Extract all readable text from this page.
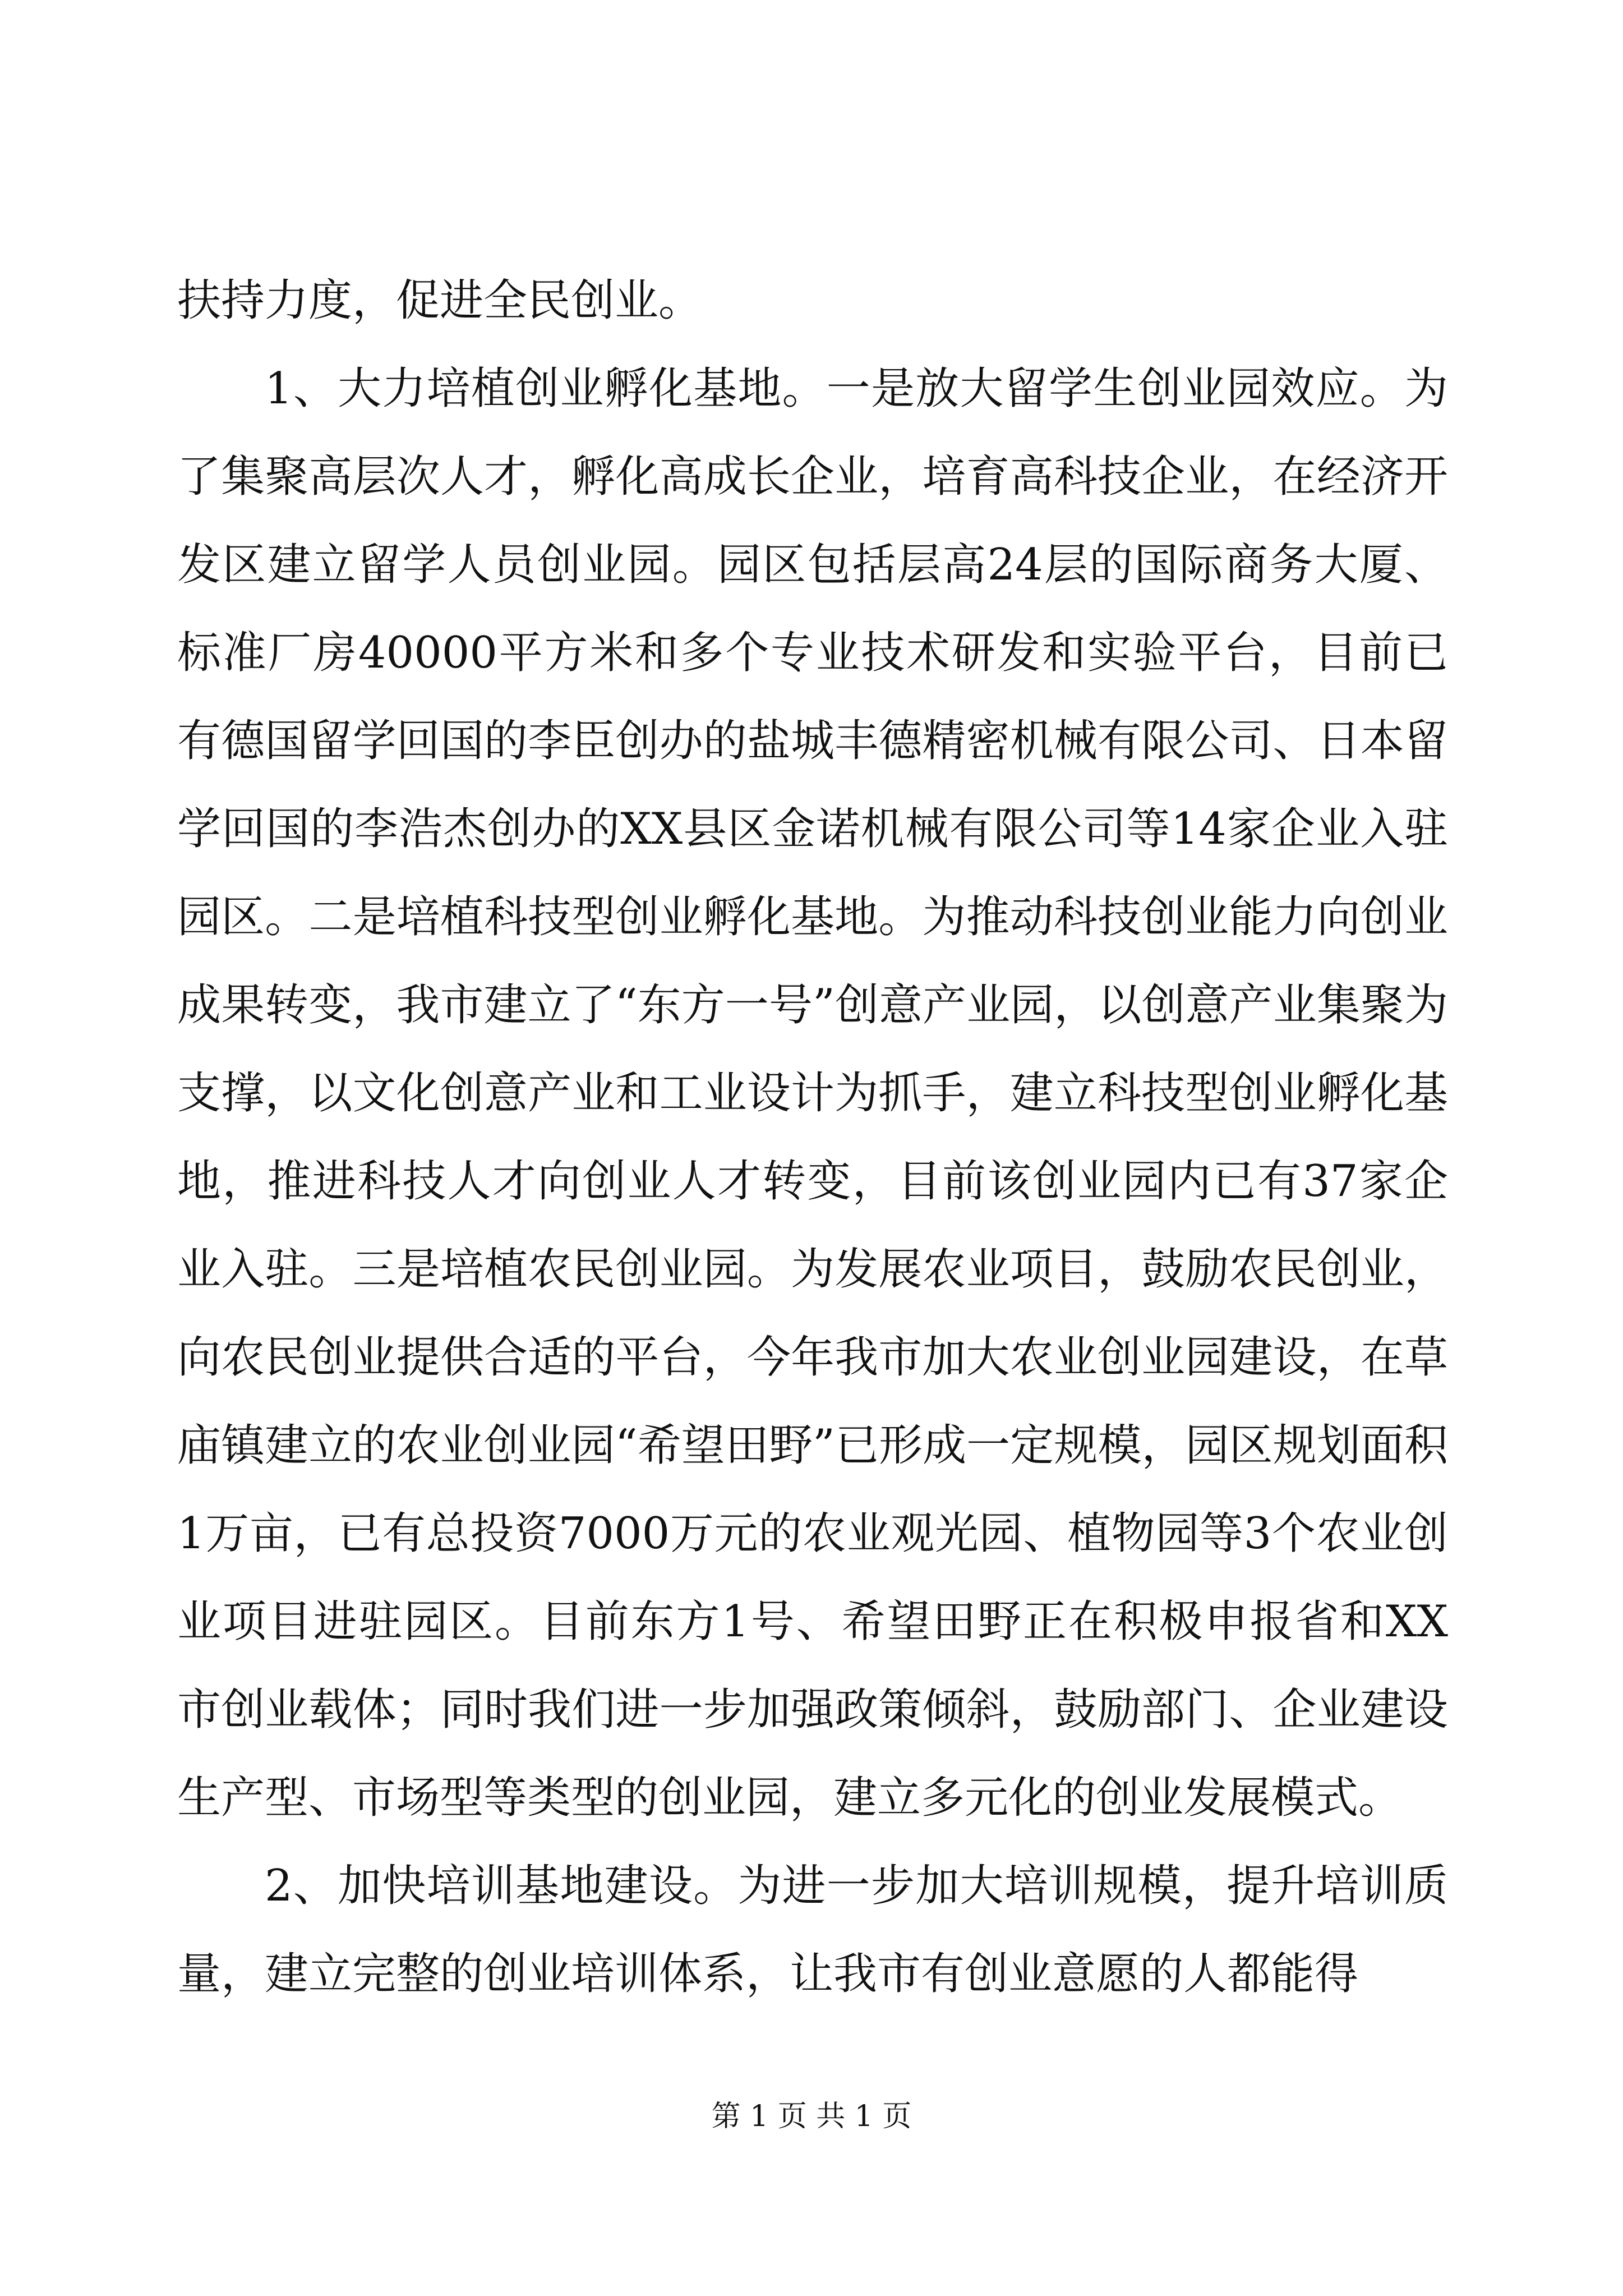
扶持力度，促进全民创业。

1、大力培植创业孵化基地。一是放大留学生创业园效应。为了集聚高层次人才，孵化高成长企业，培育高科技企业，在经济开发区建立留学人员创业园。园区包括层高24层的国际商务大厦、标准厂房40000平方米和多个专业技术研发和实验平台，目前已有德国留学回国的李臣创办的盐城丰德精密机械有限公司、日本留学回国的李浩杰创办的XX县区金诺机械有限公司等14家企业入驻园区。二是培植科技型创业孵化基地。为推动科技创业能力向创业成果转变，我市建立了“东方一号”创意产业园，以创意产业集聚为支撑，以文化创意产业和工业设计为抓手，建立科技型创业孵化基地，推进科技人才向创业人才转变，目前该创业园内已有37家企业入驻。三是培植农民创业园。为发展农业项目，鼓励农民创业，向农民创业提供合适的平台，今年我市加大农业创业园建设，在草庙镇建立的农业创业园“希望田野”已形成一定规模，园区规划面积1万亩，已有总投资7000万元的农业观光园、植物园等3个农业创业项目进驻园区。目前东方1号、希望田野正在积极申报省和XX市创业载体；同时我们进一步加强政策倾斜，鼓励部门、企业建设生产型、市场型等类型的创业园，建立多元化的创业发展模式。

2、加快培训基地建设。为进一步加大培训规模，提升培训质量，建立完整的创业培训体系，让我市有创业意愿的人都能得

第 1 页 共 1 页
